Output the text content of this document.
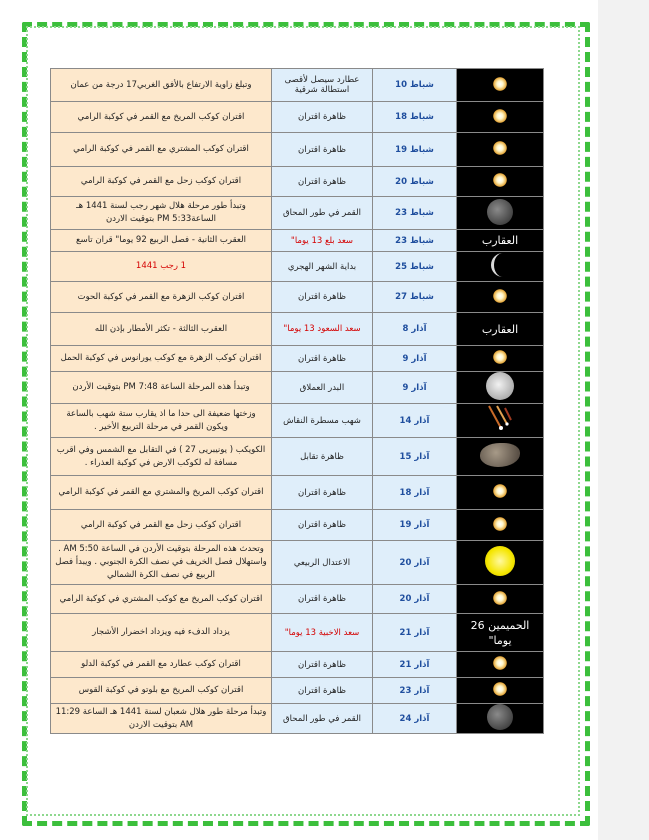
	شباط 10	عطارد سيصل لأقصى استطالة شرقية	وتبلغ زاوية الارتفاع بالأفق الغربي17 درجة من عمان
	شباط 18	ظاهرة اقتران	اقتران كوكب المريخ مع القمر في كوكبة الرامي
	شباط 19	ظاهرة اقتران	اقتران كوكب المشتري مع القمر في كوكبة الرامي
	شباط 20	ظاهرة اقتران	اقتران كوكب زحل مع القمر في كوكبة الرامي
	شباط 23	القمر في طور المحاق	وتبدأ طور مرحلة هلال شهر رجب لسنة 1441 هـ الساعة5:33 PM بتوقيت الاردن
العقارب	شباط 23	سعد بلع 13 يوما"	العقرب الثانية - فصل الربيع 92 يوما" قران تاسع
	شباط 25	بداية الشهر الهجري	1 رجب 1441
	شباط 27	ظاهرة اقتران	اقتران كوكب الزهرة مع القمر في كوكبة الحوت
العقارب	آذار 8	سعد السعود 13 يوما"	العقرب الثالثة - تكثر الأمطار بإذن الله
	آذار 9	ظاهرة اقتران	اقتران كوكب الزهرة مع كوكب يورانوس في كوكبة الحمل
	آذار 9	البدر العملاق	وتبدأ هذه المرحلة الساعة 7:48 PM بتوقيت الأردن
	آذار 14	شهب مسطرة النقاش	وزختها ضعيفة الى حدا ما اذ يقارب ستة شهب بالساعة ويكون القمر في مرحلة التربيع الأخير .
	آذار 15	ظاهرة تقابل	الكويكب ( يونيبريى 27 ) في التقابل مع الشمس وفي اقرب مسافة له لكوكب الارض في كوكبة العذراء .
	آذار 18	ظاهرة اقتران	اقتران كوكب المريخ والمشتري مع القمر في كوكبة الرامي
	آذار 19	ظاهرة اقتران	اقتران كوكب زحل مع القمر في كوكبة الرامي
	آذار 20	الاعتدال الربيعي	وتحدث هذه المرحلة بتوقيت الأردن في الساعة 5:50 AM . واستهلال فصل الخريف في نصف الكرة الجنوبي . ويبدأ فصل الربيع في نصف الكرة الشمالي
	آذار 20	ظاهرة اقتران	اقتران كوكب المريخ مع كوكب المشتري في كوكبة الرامي
الحميمين 26 يوما"	آذار 21	سعد الاخبية 13 يوما"	يزداد الدفء فيه ويزداد اخضرار الأشجار
	آذار 21	ظاهرة اقتران	اقتران كوكب عطارد مع القمر في كوكبة الدلو
	آذار 23	ظاهرة اقتران	اقتران كوكب المريخ مع بلوتو في كوكبة القوس
	آذار 24	القمر في طور المحاق	وتبدأ مرحلة طور هلال شعبان لسنة 1441 هـ الساعة 11:29 AM بتوقيت الاردن
